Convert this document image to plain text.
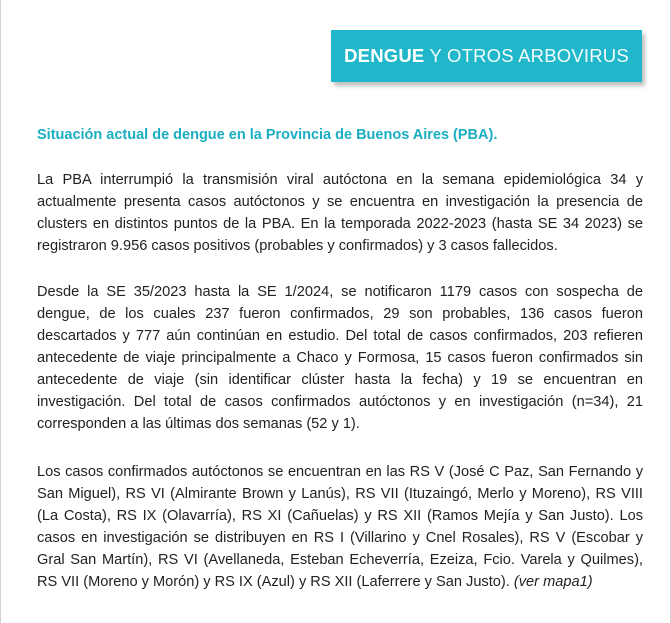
DENGUE Y OTROS ARBOVIRUS
Situación actual de dengue en la Provincia de Buenos Aires (PBA).

La PBA interrumpió la transmisión viral autóctona en la semana epidemiológica 34 y actualmente presenta casos autóctonos y se encuentra en investigación la presencia de clusters en distintos puntos de la PBA. En la temporada 2022-2023 (hasta SE 34 2023) se registraron 9.956 casos positivos (probables y confirmados) y 3 casos fallecidos.

Desde la SE 35/2023 hasta la SE 1/2024, se notificaron 1179 casos con sospecha de dengue, de los cuales 237 fueron confirmados, 29 son probables, 136 casos fueron descartados y 777 aún continúan en estudio. Del total de casos confirmados, 203 refieren antecedente de viaje principalmente a Chaco y Formosa, 15 casos fueron confirmados sin antecedente de viaje (sin identificar clúster hasta la fecha) y 19 se encuentran en investigación. Del total de casos confirmados autóctonos y en investigación (n=34), 21 corresponden a las últimas dos semanas (52 y 1).

Los casos confirmados autóctonos se encuentran en las RS V (José C Paz, San Fernando y San Miguel), RS VI (Almirante Brown y Lanús), RS VII (Ituzaingó, Merlo y Moreno), RS VIII (La Costa), RS IX (Olavarría), RS XI (Cañuelas) y RS XII (Ramos Mejía y San Justo). Los casos en investigación se distribuyen en RS I (Villarino y Cnel Rosales), RS V (Escobar y Gral San Martín), RS VI (Avellaneda, Esteban Echeverría, Ezeiza, Fcio. Varela y Quilmes), RS VII (Moreno y Morón) y RS IX (Azul) y RS XII (Laferrere y San Justo). (ver mapa1)
